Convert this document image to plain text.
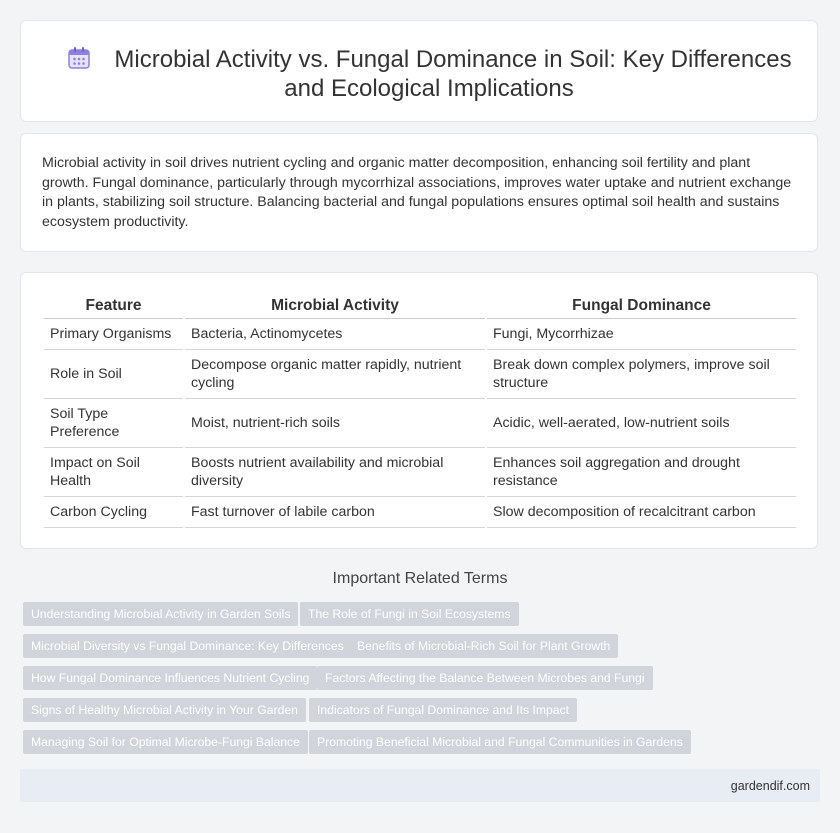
Microbial Activity vs. Fungal Dominance in Soil: Key Differences and Ecological Implications

Microbial activity in soil drives nutrient cycling and organic matter decomposition, enhancing soil fertility and plant growth. Fungal dominance, particularly through mycorrhizal associations, improves water uptake and nutrient exchange in plants, stabilizing soil structure. Balancing bacterial and fungal populations ensures optimal soil health and sustains ecosystem productivity.

Feature	Microbial Activity	Fungal Dominance
Primary Organisms	Bacteria, Actinomycetes	Fungi, Mycorrhizae
Role in Soil	Decompose organic matter rapidly, nutrient cycling	Break down complex polymers, improve soil structure
Soil Type Preference	Moist, nutrient-rich soils	Acidic, well-aerated, low-nutrient soils
Impact on Soil Health	Boosts nutrient availability and microbial diversity	Enhances soil aggregation and drought resistance
Carbon Cycling	Fast turnover of labile carbon	Slow decomposition of recalcitrant carbon
Important Related Terms
Understanding Microbial Activity in Garden Soils	The Role of Fungi in Soil Ecosystems
Microbial Diversity vs Fungal Dominance: Key Differences	Benefits of Microbial-Rich Soil for Plant Growth
How Fungal Dominance Influences Nutrient Cycling	Factors Affecting the Balance Between Microbes and Fungi
Signs of Healthy Microbial Activity in Your Garden	Indicators of Fungal Dominance and Its Impact
Managing Soil for Optimal Microbe-Fungi Balance	Promoting Beneficial Microbial and Fungal Communities in Gardens
gardendif.com
